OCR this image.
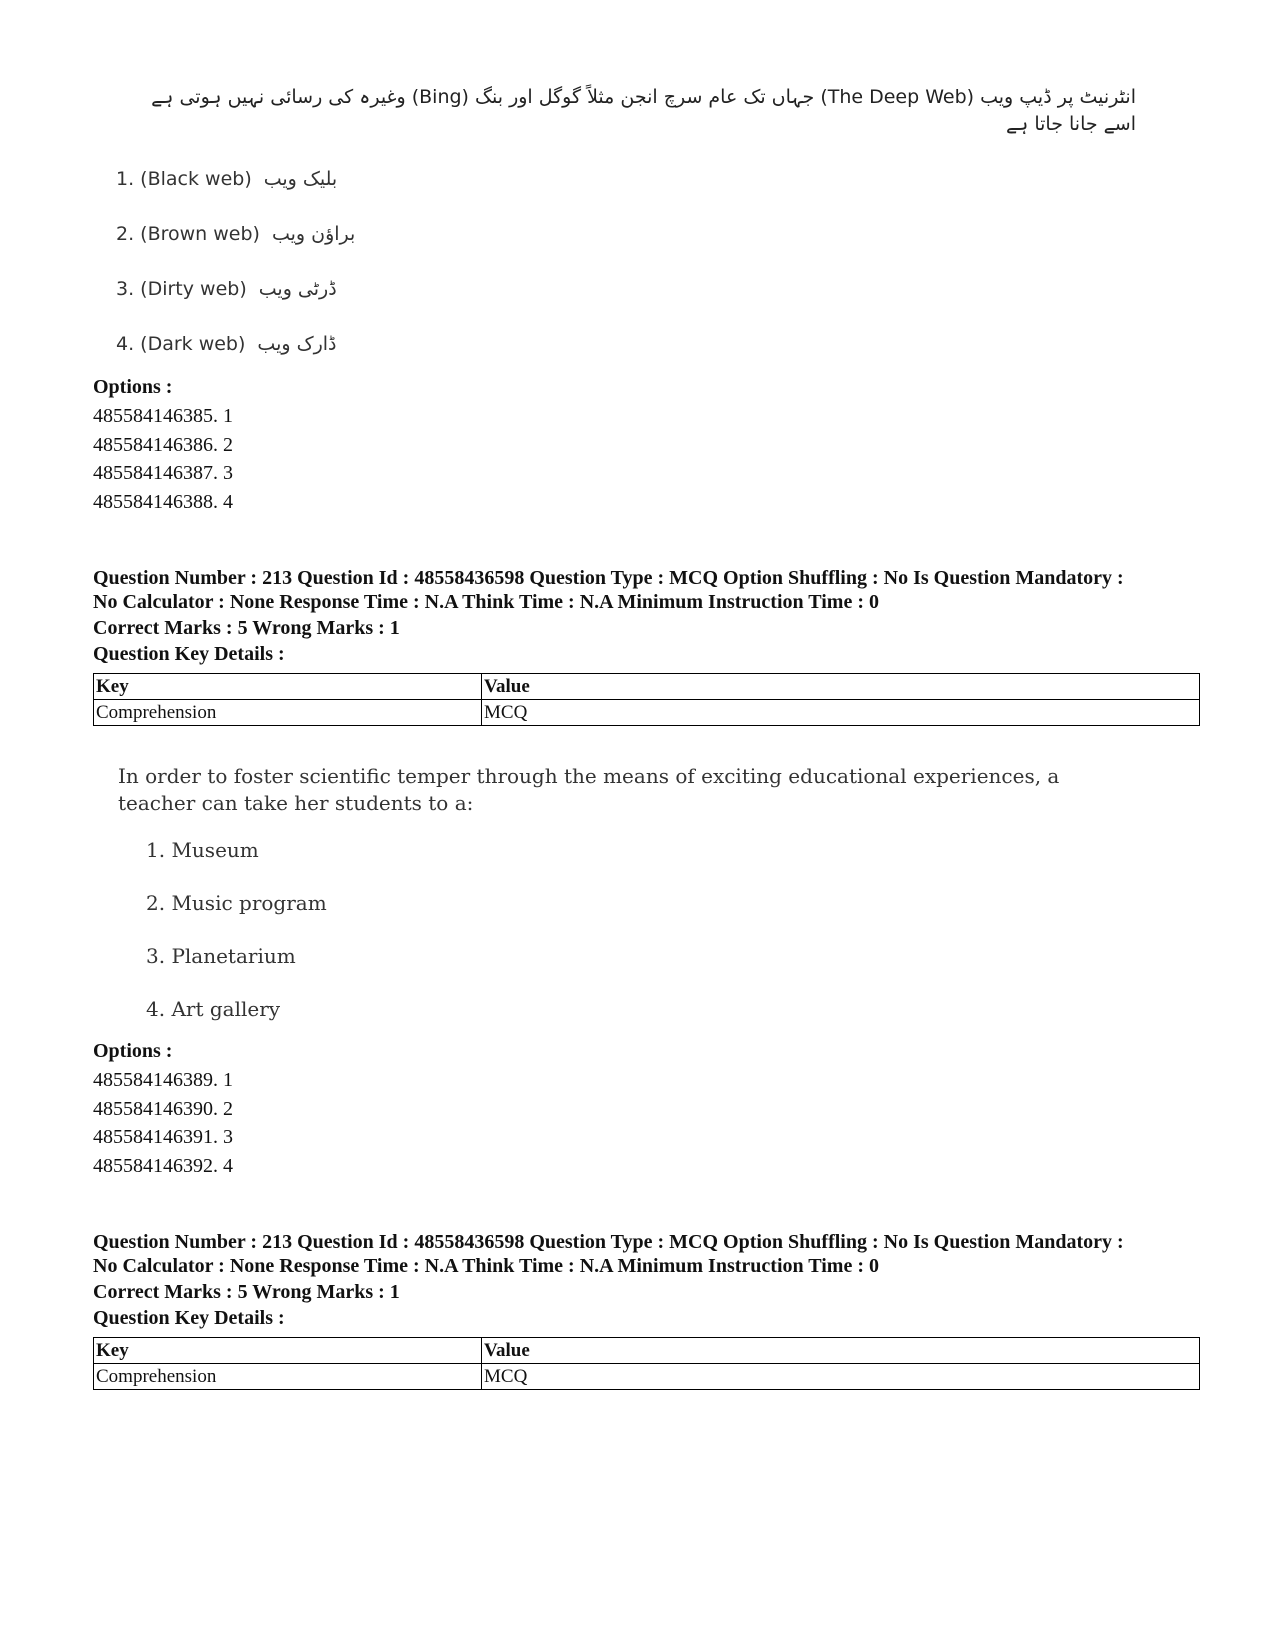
انٹرنیٹ پر ڈیپ ویب (The Deep Web) جہاں تک عام سرچ انجن مثلاً گوگل اور بنگ (Bing) وغیرہ کی رسائی نہیں ہوتی ہے اسے جانا جاتا ہے
1. (Black web) بلیک ویب
2. (Brown web) براؤن ویب
3. (Dirty web) ڈرٹی ویب
4. (Dark web) ڈارک ویب
Options :
485584146385. 1
485584146386. 2
485584146387. 3
485584146388. 4
Question Number : 213 Question Id : 48558436598 Question Type : MCQ Option Shuffling : No Is Question Mandatory :
No Calculator : None Response Time : N.A Think Time : N.A Minimum Instruction Time : 0
Correct Marks : 5 Wrong Marks : 1
Question Key Details :
Key	Value
Comprehension	MCQ
In order to foster scientific temper through the means of exciting educational experiences, a teacher can take her students to a:
1. Museum
2. Music program
3. Planetarium
4. Art gallery
Options :
485584146389. 1
485584146390. 2
485584146391. 3
485584146392. 4
Question Number : 213 Question Id : 48558436598 Question Type : MCQ Option Shuffling : No Is Question Mandatory :
No Calculator : None Response Time : N.A Think Time : N.A Minimum Instruction Time : 0
Correct Marks : 5 Wrong Marks : 1
Question Key Details :
Key	Value
Comprehension	MCQ
